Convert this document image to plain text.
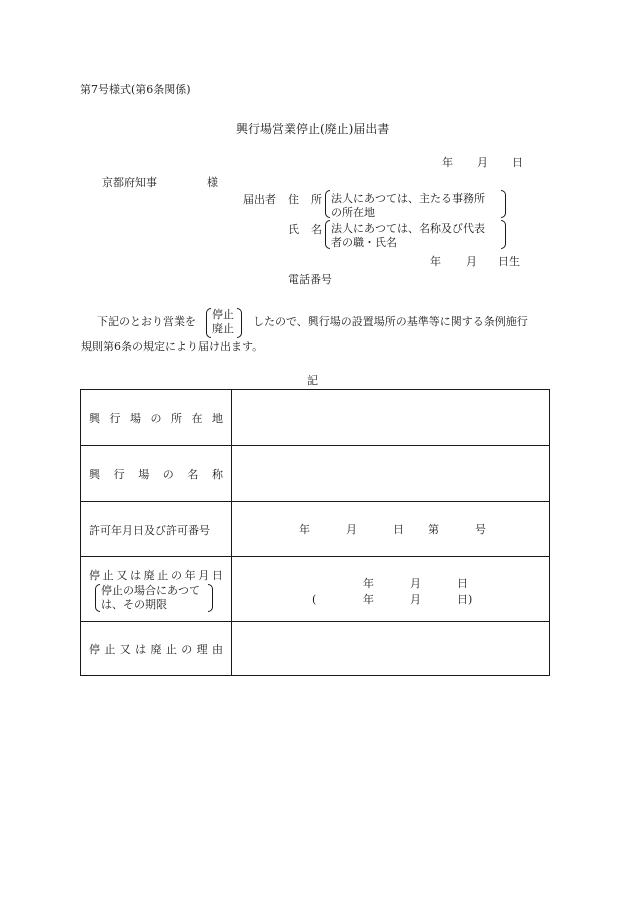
第7号様式(第6条関係)
興行場営業停止(廃止)届出書
年 月 日
京都府知事	様
届出者 住 所 法人にあつては、主たる事務所
の所在地
氏 名 法人にあつては、名称及び代表
者の職・氏名
年 月 日生
電話番号
下記のとおり営業を
停止
廃止
したので、興行場の設置場所の基準等に関する条例施行
規則第6条の規定により届け出ます。
記
興 行 場 の 所 在 地
興 行 場 の 名 称
許可年月日及び許可番号	年	月	日 第	号
停 止 又 は 廃 止 の 年 月 日
停止の場合にあつて
は、その期限
年	月	日
(	年	月	日)
停 止 又 は 廃 止 の 理 由
